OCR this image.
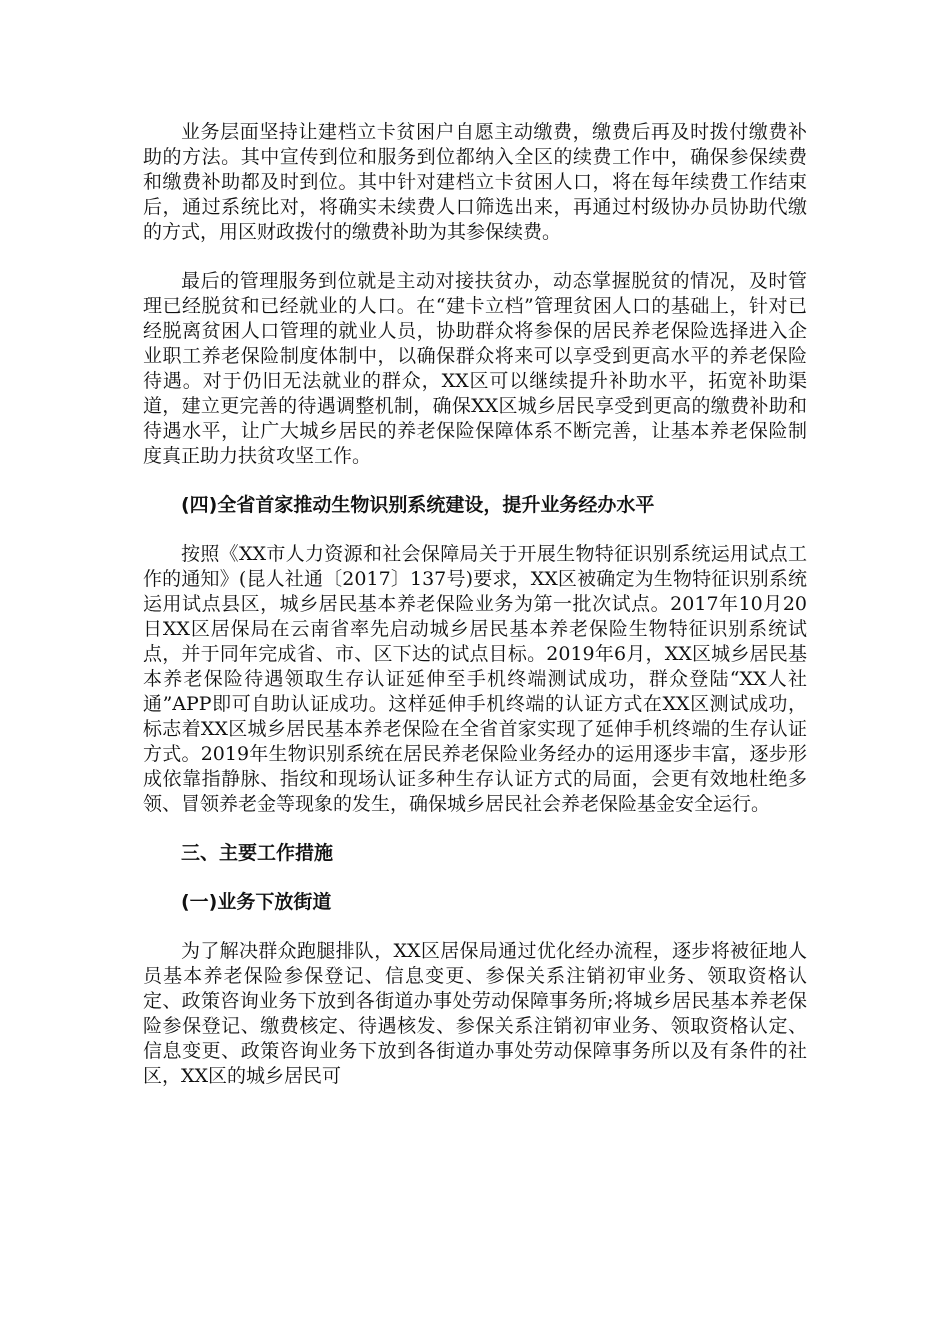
业务层面坚持让建档立卡贫困户自愿主动缴费，缴费后再及时拨付缴费补助的方法。其中宣传到位和服务到位都纳入全区的续费工作中，确保参保续费和缴费补助都及时到位。其中针对建档立卡贫困人口，将在每年续费工作结束后，通过系统比对，将确实未续费人口筛选出来，再通过村级协办员协助代缴的方式，用区财政拨付的缴费补助为其参保续费。

最后的管理服务到位就是主动对接扶贫办，动态掌握脱贫的情况，及时管理已经脱贫和已经就业的人口。在“建卡立档”管理贫困人口的基础上，针对已经脱离贫困人口管理的就业人员，协助群众将参保的居民养老保险选择进入企业职工养老保险制度体制中，以确保群众将来可以享受到更高水平的养老保险待遇。对于仍旧无法就业的群众，XX区可以继续提升补助水平，拓宽补助渠道，建立更完善的待遇调整机制，确保XX区城乡居民享受到更高的缴费补助和待遇水平，让广大城乡居民的养老保险保障体系不断完善，让基本养老保险制度真正助力扶贫攻坚工作。

(四)全省首家推动生物识别系统建设，提升业务经办水平

按照《XX市人力资源和社会保障局关于开展生物特征识别系统运用试点工作的通知》(昆人社通〔2017〕137号)要求，XX区被确定为生物特征识别系统运用试点县区，城乡居民基本养老保险业务为第一批次试点。2017年10月20日XX区居保局在云南省率先启动城乡居民基本养老保险生物特征识别系统试点，并于同年完成省、市、区下达的试点目标。2019年6月，XX区城乡居民基本养老保险待遇领取生存认证延伸至手机终端测试成功，群众登陆“XX人社通”APP即可自助认证成功。这样延伸手机终端的认证方式在XX区测试成功，标志着XX区城乡居民基本养老保险在全省首家实现了延伸手机终端的生存认证方式。2019年生物识别系统在居民养老保险业务经办的运用逐步丰富，逐步形成依靠指静脉、指纹和现场认证多种生存认证方式的局面，会更有效地杜绝多领、冒领养老金等现象的发生，确保城乡居民社会养老保险基金安全运行。

三、主要工作措施

(一)业务下放街道

为了解决群众跑腿排队，XX区居保局通过优化经办流程，逐步将被征地人员基本养老保险参保登记、信息变更、参保关系注销初审业务、领取资格认定、政策咨询业务下放到各街道办事处劳动保障事务所;将城乡居民基本养老保险参保登记、缴费核定、待遇核发、参保关系注销初审业务、领取资格认定、信息变更、政策咨询业务下放到各街道办事处劳动保障事务所以及有条件的社区，XX区的城乡居民可
